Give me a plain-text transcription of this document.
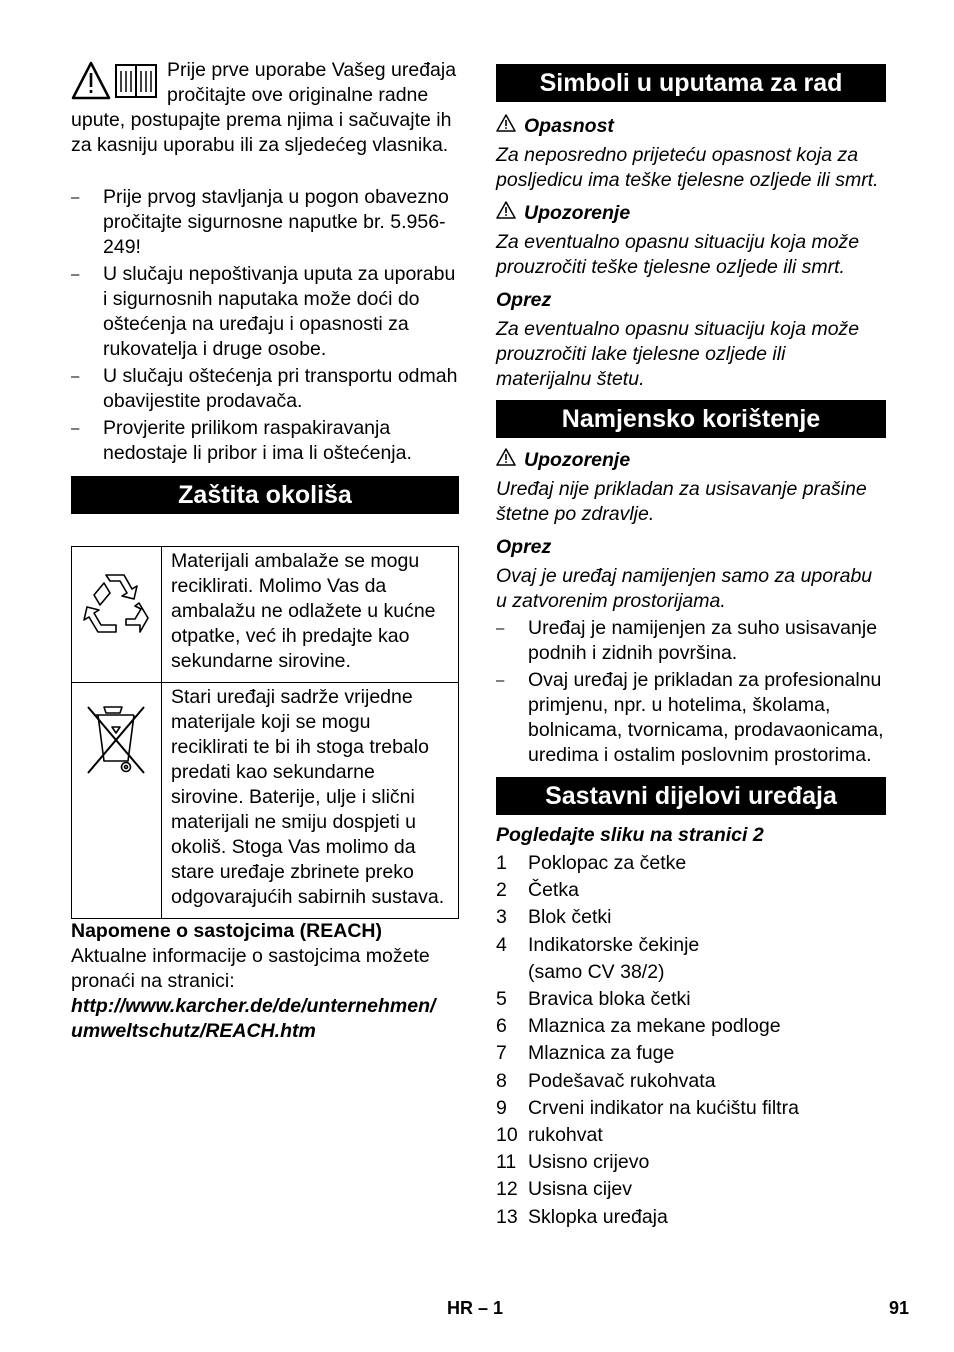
Prije prve uporabe Vašeg uređaja pročitajte ove originalne radne upute, postupajte prema njima i sačuvajte ih za kasniju uporabu ili za sljedećeg vlasnika.

– Prije prvog stavljanja u pogon obavezno pročitajte sigurnosne naputke br. 5.956-249!
– U slučaju nepoštivanja uputa za uporabu i sigurnosnih naputaka može doći do oštećenja na uređaju i opasnosti za rukovatelja i druge osobe.
– U slučaju oštećenja pri transportu odmah obavijestite prodavača.
– Provjerite prilikom raspakiravanja nedostaje li pribor i ima li oštećenja.
Zaštita okoliša
	Materijali ambalaže se mogu reciklirati. Molimo Vas da ambalažu ne odlažete u kućne otpatke, već ih predajte kao sekundarne sirovine.

	Stari uređaji sadrže vrijedne materijale koji se mogu reciklirati te bi ih stoga trebalo predati kao sekundarne sirovine. Baterije, ulje i slični materijali ne smiju dospjeti u okoliš. Stoga Vas molimo da stare uređaje zbrinete preko odgovarajućih sabirnih sustava.
Napomene o sastojcima (REACH)
Aktualne informacije o sastojcima možete pronaći na stranici:
http://www.karcher.de/de/unternehmen/
umweltschutz/REACH.htm
Simboli u uputama za rad
Opasnost
Za neposredno prijeteću opasnost koja za posljedicu ima teške tjelesne ozljede ili smrt.
Upozorenje
Za eventualno opasnu situaciju koja može prouzročiti teške tjelesne ozljede ili smrt.
Oprez
Za eventualno opasnu situaciju koja može prouzročiti lake tjelesne ozljede ili materijalnu štetu.
Namjensko korištenje
Upozorenje
Uređaj nije prikladan za usisavanje prašine štetne po zdravlje.
Oprez
Ovaj je uređaj namijenjen samo za uporabu u zatvorenim prostorijama.
– Uređaj je namijenjen za suho usisavanje podnih i zidnih površina.
– Ovaj uređaj je prikladan za profesionalnu primjenu, npr. u hotelima, školama, bolnicama, tvornicama, prodavaonicama, uredima i ostalim poslovnim prostorima.
Sastavni dijelovi uređaja
Pogledajte sliku na stranici 2
1	Poklopac za četke
2	Četka
3	Blok četki
4	Indikatorske čekinje
(samo CV 38/2)
5	Bravica bloka četki
6	Mlaznica za mekane podloge
7	Mlaznica za fuge
8	Podešavač rukohvata
9	Crveni indikator na kućištu filtra
10 rukohvat
11 Usisno crijevo
12 Usisna cijev
13 Sklopka uređaja
HR – 1	91
